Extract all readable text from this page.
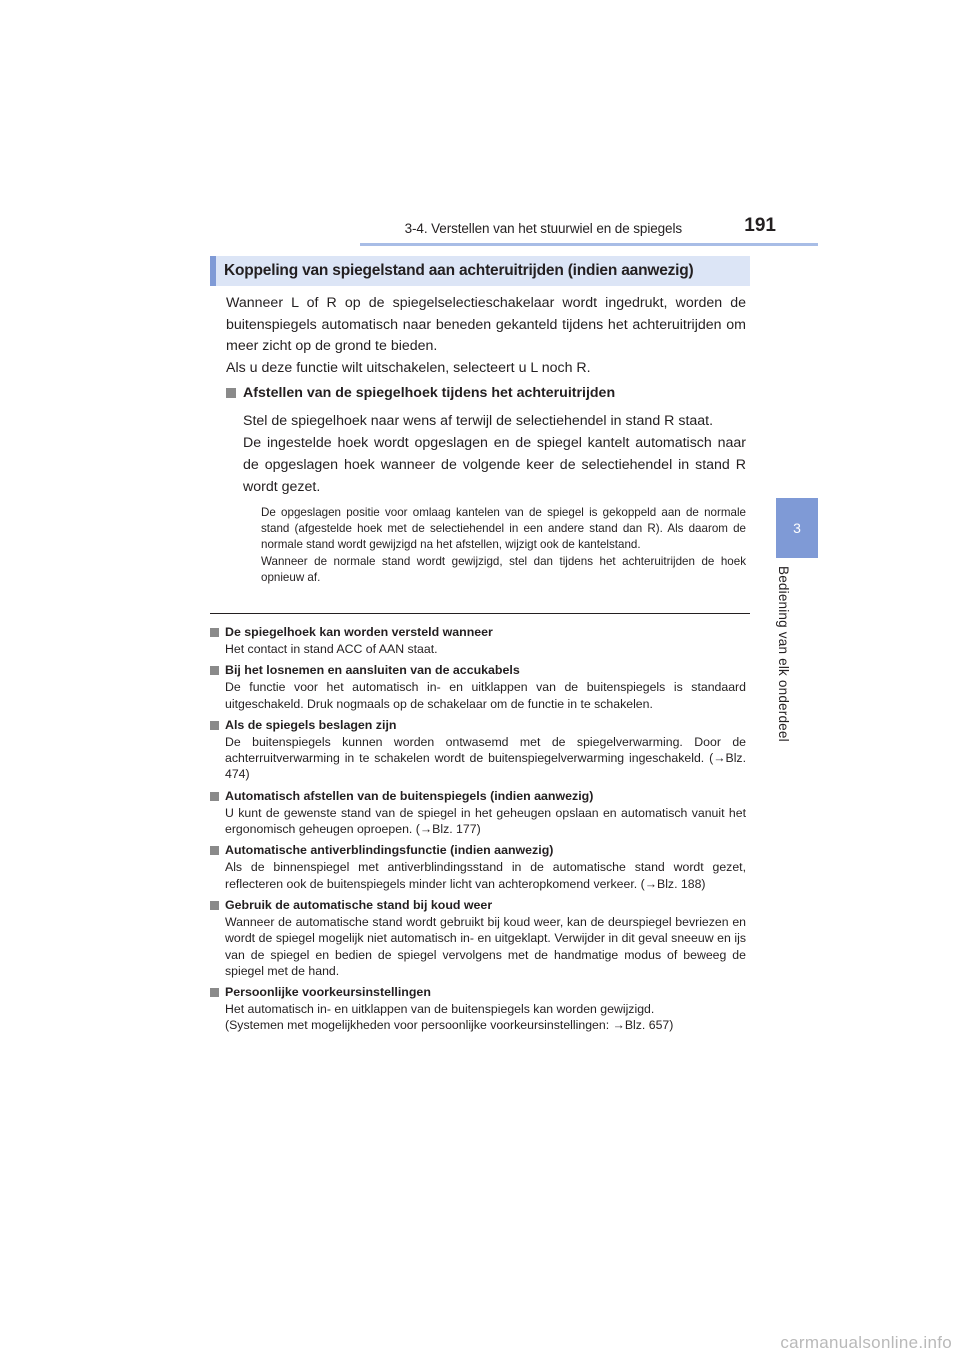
3-4. Verstellen van het stuurwiel en de spiegels	191
3
Bediening van elk onderdeel
Koppeling van spiegelstand aan achteruitrijden (indien aanwezig)

Wanneer L of R op de spiegelselectieschakelaar wordt ingedrukt, worden de buitenspiegels automatisch naar beneden gekanteld tijdens het achteruitrijden om meer zicht op de grond te bieden.

Als u deze functie wilt uitschakelen, selecteert u L noch R.

Afstellen van de spiegelhoek tijdens het achteruitrijden

Stel de spiegelhoek naar wens af terwijl de selectiehendel in stand R staat.

De ingestelde hoek wordt opgeslagen en de spiegel kantelt automatisch naar de opgeslagen hoek wanneer de volgende keer de selectiehendel in stand R wordt gezet.

De opgeslagen positie voor omlaag kantelen van de spiegel is gekoppeld aan de normale stand (afgestelde hoek met de selectiehendel in een andere stand dan R). Als daarom de normale stand wordt gewijzigd na het afstellen, wijzigt ook de kantelstand.

Wanneer de normale stand wordt gewijzigd, stel dan tijdens het achteruitrijden de hoek opnieuw af.

De spiegelhoek kan worden versteld wanneer

Het contact in stand ACC of AAN staat.

Bij het losnemen en aansluiten van de accukabels

De functie voor het automatisch in- en uitklappen van de buitenspiegels is standaard uitgeschakeld. Druk nogmaals op de schakelaar om de functie in te schakelen.

Als de spiegels beslagen zijn

De buitenspiegels kunnen worden ontwasemd met de spiegelverwarming. Door de achterruitverwarming in te schakelen wordt de buitenspiegelverwarming ingeschakeld. (→Blz. 474)

Automatisch afstellen van de buitenspiegels (indien aanwezig)

U kunt de gewenste stand van de spiegel in het geheugen opslaan en automatisch vanuit het ergonomisch geheugen oproepen. (→Blz. 177)

Automatische antiverblindingsfunctie (indien aanwezig)

Als de binnenspiegel met antiverblindingsstand in de automatische stand wordt gezet, reflecteren ook de buitenspiegels minder licht van achteropkomend verkeer. (→Blz. 188)

Gebruik de automatische stand bij koud weer

Wanneer de automatische stand wordt gebruikt bij koud weer, kan de deurspiegel bevriezen en wordt de spiegel mogelijk niet automatisch in- en uitgeklapt. Verwijder in dit geval sneeuw en ijs van de spiegel en bedien de spiegel vervolgens met de handmatige modus of beweeg de spiegel met de hand.

Persoonlijke voorkeursinstellingen

Het automatisch in- en uitklappen van de buitenspiegels kan worden gewijzigd.

(Systemen met mogelijkheden voor persoonlijke voorkeursinstellingen: →Blz. 657)

carmanualsonline.info
